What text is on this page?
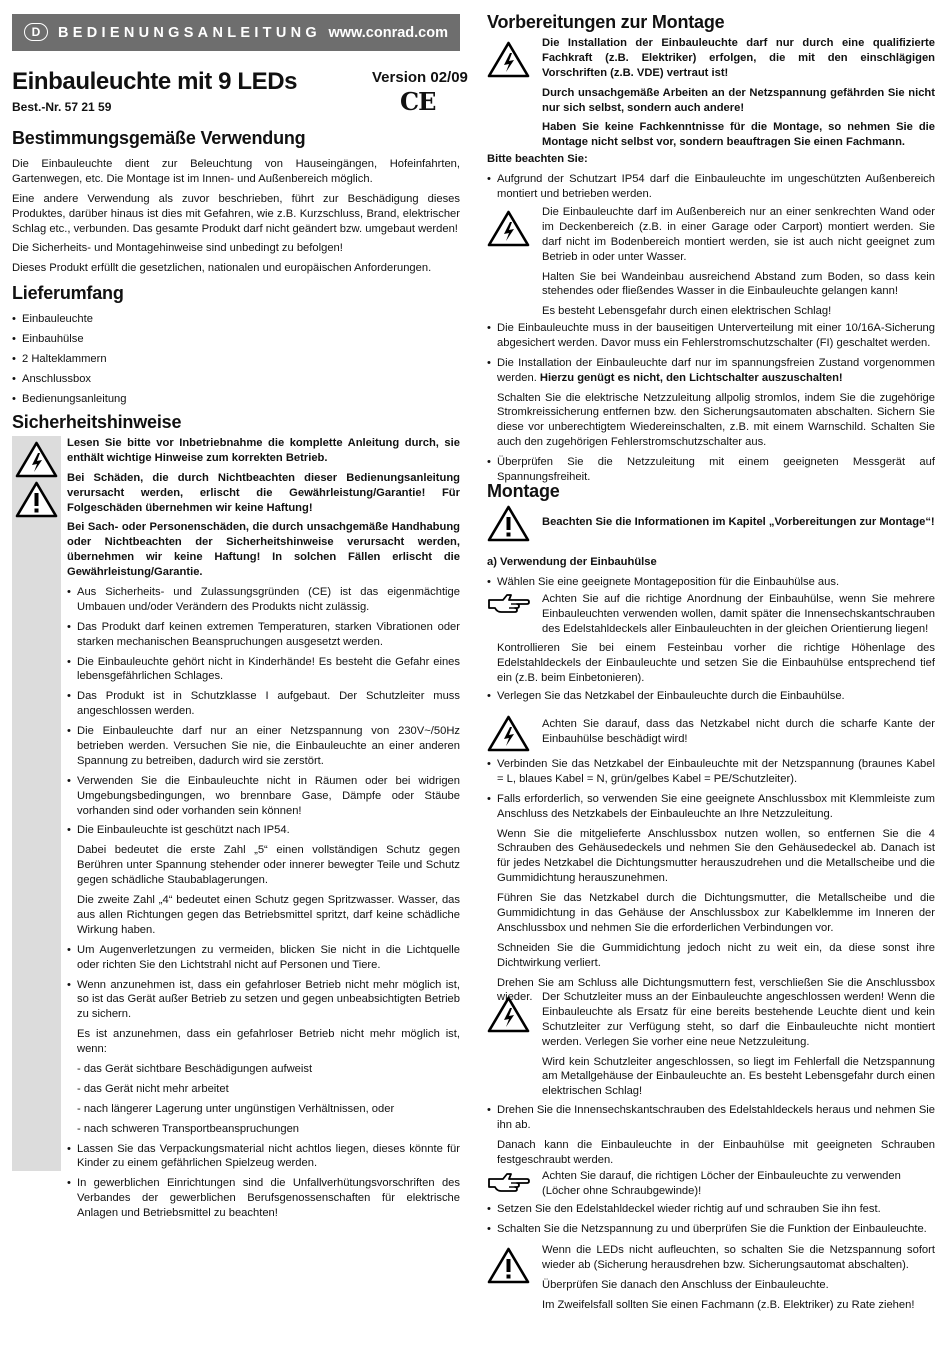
D	BEDIENUNGSANLEITUNG www.conrad.com
Einbauleuchte mit 9 LEDs	Version 02/09
CE
Best.-Nr. 57 21 59
Bestimmungsgemäße Verwendung

Die Einbauleuchte dient zur Beleuchtung von Hauseingängen, Hofeinfahrten, Gartenwegen, etc. Die Montage ist im Innen- und Außenbereich möglich.

Eine andere Verwendung als zuvor beschrieben, führt zur Beschädigung dieses Produktes, darüber hinaus ist dies mit Gefahren, wie z.B. Kurzschluss, Brand, elektrischer Schlag etc., verbunden. Das gesamte Produkt darf nicht geändert bzw. umgebaut werden!

Die Sicherheits- und Montagehinweise sind unbedingt zu befolgen!

Dieses Produkt erfüllt die gesetzlichen, nationalen und europäischen Anforderungen.

Lieferumfang
• Einbauleuchte
• Einbauhülse
• 2 Halteklammern
• Anschlussbox
• Bedienungsanleitung
Sicherheitshinweise

Lesen Sie bitte vor Inbetriebnahme die komplette Anleitung durch, sie enthält wichtige Hinweise zum korrekten Betrieb.

Bei Schäden, die durch Nichtbeachten dieser Bedienungsanleitung verursacht werden, erlischt die Gewährleistung/Garantie! Für Folgeschäden übernehmen wir keine Haftung!

Bei Sach- oder Personenschäden, die durch unsachgemäße Handhabung oder Nichtbeachten der Sicherheitshinweise verursacht werden, übernehmen wir keine Haftung! In solchen Fällen erlischt die Gewährleistung/Garantie.

• Aus Sicherheits- und Zulassungsgründen (CE) ist das eigenmächtige Umbauen und/oder Verändern des Produkts nicht zulässig.
• Das Produkt darf keinen extremen Temperaturen, starken Vibrationen oder starken mechanischen Beanspruchungen ausgesetzt werden.
• Die Einbauleuchte gehört nicht in Kinderhände! Es besteht die Gefahr eines lebensgefährlichen Schlages.
• Das Produkt ist in Schutzklasse I aufgebaut. Der Schutzleiter muss angeschlossen werden.
• Die Einbauleuchte darf nur an einer Netzspannung von 230V~/50Hz betrieben werden. Versuchen Sie nie, die Einbauleuchte an einer anderen Spannung zu betreiben, dadurch wird sie zerstört.
• Verwenden Sie die Einbauleuchte nicht in Räumen oder bei widrigen Umgebungsbedingungen, wo brennbare Gase, Dämpfe oder Stäube vorhanden sind oder vorhanden sein können!
• Die Einbauleuchte ist geschützt nach IP54.
Dabei bedeutet die erste Zahl „5“ einen vollständigen Schutz gegen Berühren unter Spannung stehender oder innerer bewegter Teile und Schutz gegen schädliche Staubablagerungen.
Die zweite Zahl „4“ bedeutet einen Schutz gegen Spritzwasser. Wasser, das aus allen Richtungen gegen das Betriebsmittel spritzt, darf keine schädliche Wirkung haben.
• Um Augenverletzungen zu vermeiden, blicken Sie nicht in die Lichtquelle oder richten Sie den Lichtstrahl nicht auf Personen und Tiere.
• Wenn anzunehmen ist, dass ein gefahrloser Betrieb nicht mehr möglich ist, so ist das Gerät außer Betrieb zu setzen und gegen unbeabsichtigten Betrieb zu sichern.
Es ist anzunehmen, dass ein gefahrloser Betrieb nicht mehr möglich ist, wenn:
- das Gerät sichtbare Beschädigungen aufweist
- das Gerät nicht mehr arbeitet
- nach längerer Lagerung unter ungünstigen Verhältnissen, oder
- nach schweren Transportbeanspruchungen
• Lassen Sie das Verpackungsmaterial nicht achtlos liegen, dieses könnte für Kinder zu einem gefährlichen Spielzeug werden.
• In gewerblichen Einrichtungen sind die Unfallverhütungsvorschriften des Verbandes der gewerblichen Berufsgenossenschaften für elektrische Anlagen und Betriebsmittel zu beachten!
Vorbereitungen zur Montage

Die Installation der Einbauleuchte darf nur durch eine qualifizierte Fachkraft (z.B. Elektriker) erfolgen, die mit den einschlägigen Vorschriften (z.B. VDE) vertraut ist!

Durch unsachgemäße Arbeiten an der Netzspannung gefährden Sie nicht nur sich selbst, sondern auch andere!

Haben Sie keine Fachkenntnisse für die Montage, so nehmen Sie die Montage nicht selbst vor, sondern beauftragen Sie einen Fachmann.

Bitte beachten Sie:

• Aufgrund der Schutzart IP54 darf die Einbauleuchte im ungeschützten Außenbereich montiert und betrieben werden.

Die Einbauleuchte darf im Außenbereich nur an einer senkrechten Wand oder im Deckenbereich (z.B. in einer Garage oder Carport) montiert werden. Sie darf nicht im Bodenbereich montiert werden, sie ist auch nicht geeignet zum Betrieb in oder unter Wasser.

Halten Sie bei Wandeinbau ausreichend Abstand zum Boden, so dass kein stehendes oder fließendes Wasser in die Einbauleuchte gelangen kann!

Es besteht Lebensgefahr durch einen elektrischen Schlag!

• Die Einbauleuchte muss in der bauseitigen Unterverteilung mit einer 10/16A-Sicherung abgesichert werden. Davor muss ein Fehlerstromschutzschalter (FI) geschaltet werden.
• Die Installation der Einbauleuchte darf nur im spannungsfreien Zustand vorgenommen werden. Hierzu genügt es nicht, den Lichtschalter auszuschalten!
Schalten Sie die elektrische Netzzuleitung allpolig stromlos, indem Sie die zugehörige Stromkreissicherung entfernen bzw. den Sicherungsautomaten abschalten. Sichern Sie diese vor unberechtigtem Wiedereinschalten, z.B. mit einem Warnschild. Schalten Sie auch den zugehörigen Fehlerstromschutzschalter aus.
• Überprüfen Sie die Netzzuleitung mit einem geeigneten Messgerät auf Spannungsfreiheit.
Montage
Beachten Sie die Informationen im Kapitel „Vorbereitungen zur Montage“!

a) Verwendung der Einbauhülse

• Wählen Sie eine geeignete Montageposition für die Einbauhülse aus.

Achten Sie auf die richtige Anordnung der Einbauhülse, wenn Sie mehrere Einbauleuchten verwenden wollen, damit später die Innensechskantschrauben des Edelstahldeckels aller Einbauleuchten in der gleichen Orientierung liegen!

Kontrollieren Sie bei einem Festeinbau vorher die richtige Höhenlage des Edelstahldeckels der Einbauleuchte und setzen Sie die Einbauhülse entsprechend tief ein (z.B. beim Einbetonieren).

• Verlegen Sie das Netzkabel der Einbauleuchte durch die Einbauhülse.

Achten Sie darauf, dass das Netzkabel nicht durch die scharfe Kante der Einbauhülse beschädigt wird!

• Verbinden Sie das Netzkabel der Einbauleuchte mit der Netzspannung (braunes Kabel = L, blaues Kabel = N, grün/gelbes Kabel = PE/Schutzleiter).
• Falls erforderlich, so verwenden Sie eine geeignete Anschlussbox mit Klemmleiste zum Anschluss des Netzkabels der Einbauleuchte an Ihre Netzzuleitung.
Wenn Sie die mitgelieferte Anschlussbox nutzen wollen, so entfernen Sie die 4 Schrauben des Gehäusedeckels und nehmen Sie den Gehäusedeckel ab. Danach ist für jedes Netzkabel die Dichtungsmutter herauszudrehen und die Metallscheibe und die Gummidichtung herauszunehmen.
Führen Sie das Netzkabel durch die Dichtungsmutter, die Metallscheibe und die Gummidichtung in das Gehäuse der Anschlussbox zur Kabelklemme im Inneren der Anschlussbox und nehmen Sie die erforderlichen Verbindungen vor.
Schneiden Sie die Gummidichtung jedoch nicht zu weit ein, da diese sonst ihre Dichtwirkung verliert.
Drehen Sie am Schluss alle Dichtungsmuttern fest, verschließen Sie die Anschlussbox wieder. Der Schutzleiter muss an der Einbauleuchte angeschlossen werden! Wenn die Einbauleuchte als Ersatz für eine bereits bestehende Leuchte dient und kein Schutzleiter zur Verfügung steht, so darf die Einbauleuchte nicht montiert werden. Verlegen Sie vorher eine neue Netzzuleitung.

Wird kein Schutzleiter angeschlossen, so liegt im Fehlerfall die Netzspannung am Metallgehäuse der Einbauleuchte an. Es besteht Lebensgefahr durch einen elektrischen Schlag!

• Drehen Sie die Innensechskantschrauben des Edelstahldeckels heraus und nehmen Sie ihn ab.
Danach kann die Einbauleuchte in der Einbauhülse mit geeigneten Schrauben festgeschraubt werden.

Achten Sie darauf, die richtigen Löcher der Einbauleuchte zu verwenden (Löcher ohne Schraubgewinde)!

• Setzen Sie den Edelstahldeckel wieder richtig auf und schrauben Sie ihn fest.
• Schalten Sie die Netzspannung zu und überprüfen Sie die Funktion der Einbauleuchte.

Wenn die LEDs nicht aufleuchten, so schalten Sie die Netzspannung sofort wieder ab (Sicherung herausdrehen bzw. Sicherungsautomat abschalten).

Überprüfen Sie danach den Anschluss der Einbauleuchte.

Im Zweifelsfall sollten Sie einen Fachmann (z.B. Elektriker) zu Rate ziehen!
